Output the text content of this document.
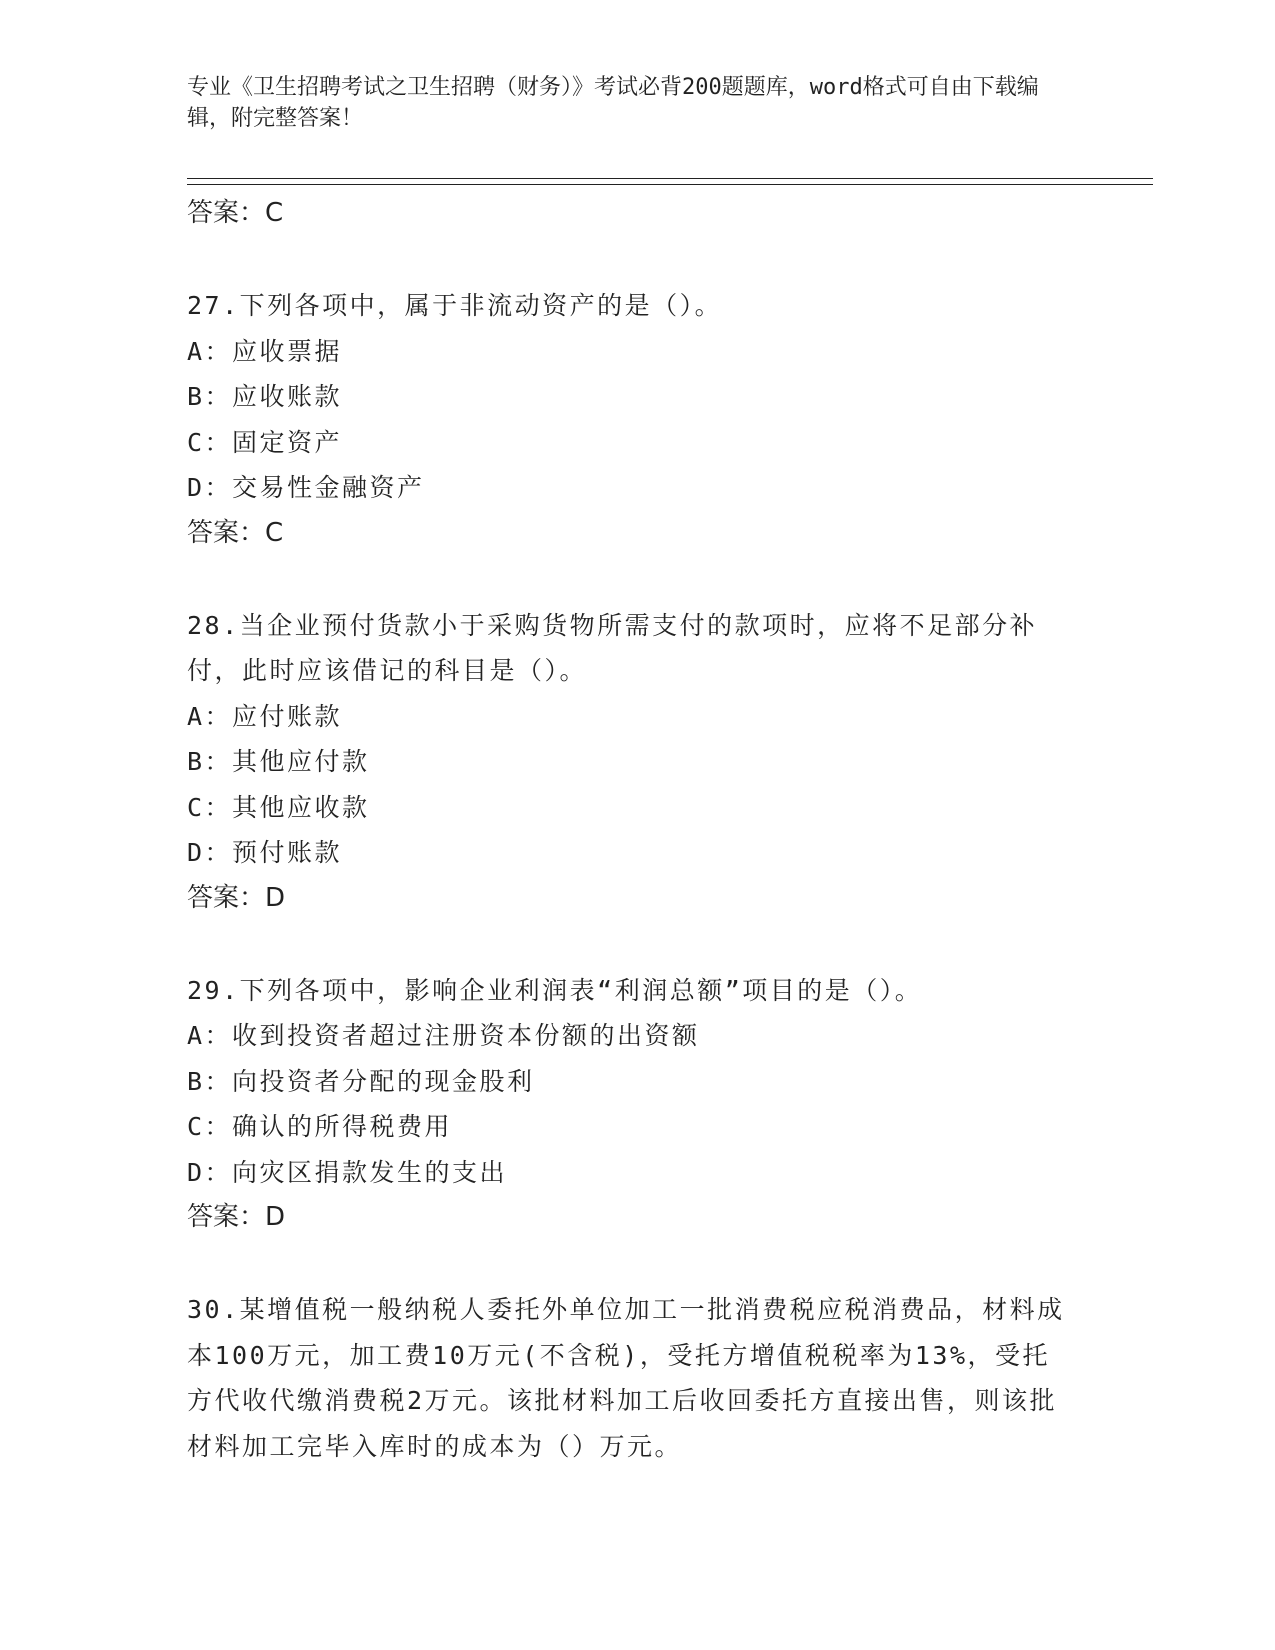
专业《卫生招聘考试之卫生招聘（财务）》考试必背200题题库，word格式可自由下载编辑，附完整答案！

答案：C

27.下列各项中，属于非流动资产的是（）。

A：应收票据

B：应收账款

C：固定资产

D：交易性金融资产

答案：C

28.当企业预付货款小于采购货物所需支付的款项时，应将不足部分补付，此时应该借记的科目是（）。

A：应付账款

B：其他应付款

C：其他应收款

D：预付账款

答案：D

29.下列各项中，影响企业利润表“利润总额”项目的是（）。

A：收到投资者超过注册资本份额的出资额

B：向投资者分配的现金股利

C：确认的所得税费用

D：向灾区捐款发生的支出

答案：D

30.某增值税一般纳税人委托外单位加工一批消费税应税消费品，材料成本100万元，加工费10万元(不含税)，受托方增值税税率为13%，受托方代收代缴消费税2万元。该批材料加工后收回委托方直接出售，则该批材料加工完毕入库时的成本为（）万元。
